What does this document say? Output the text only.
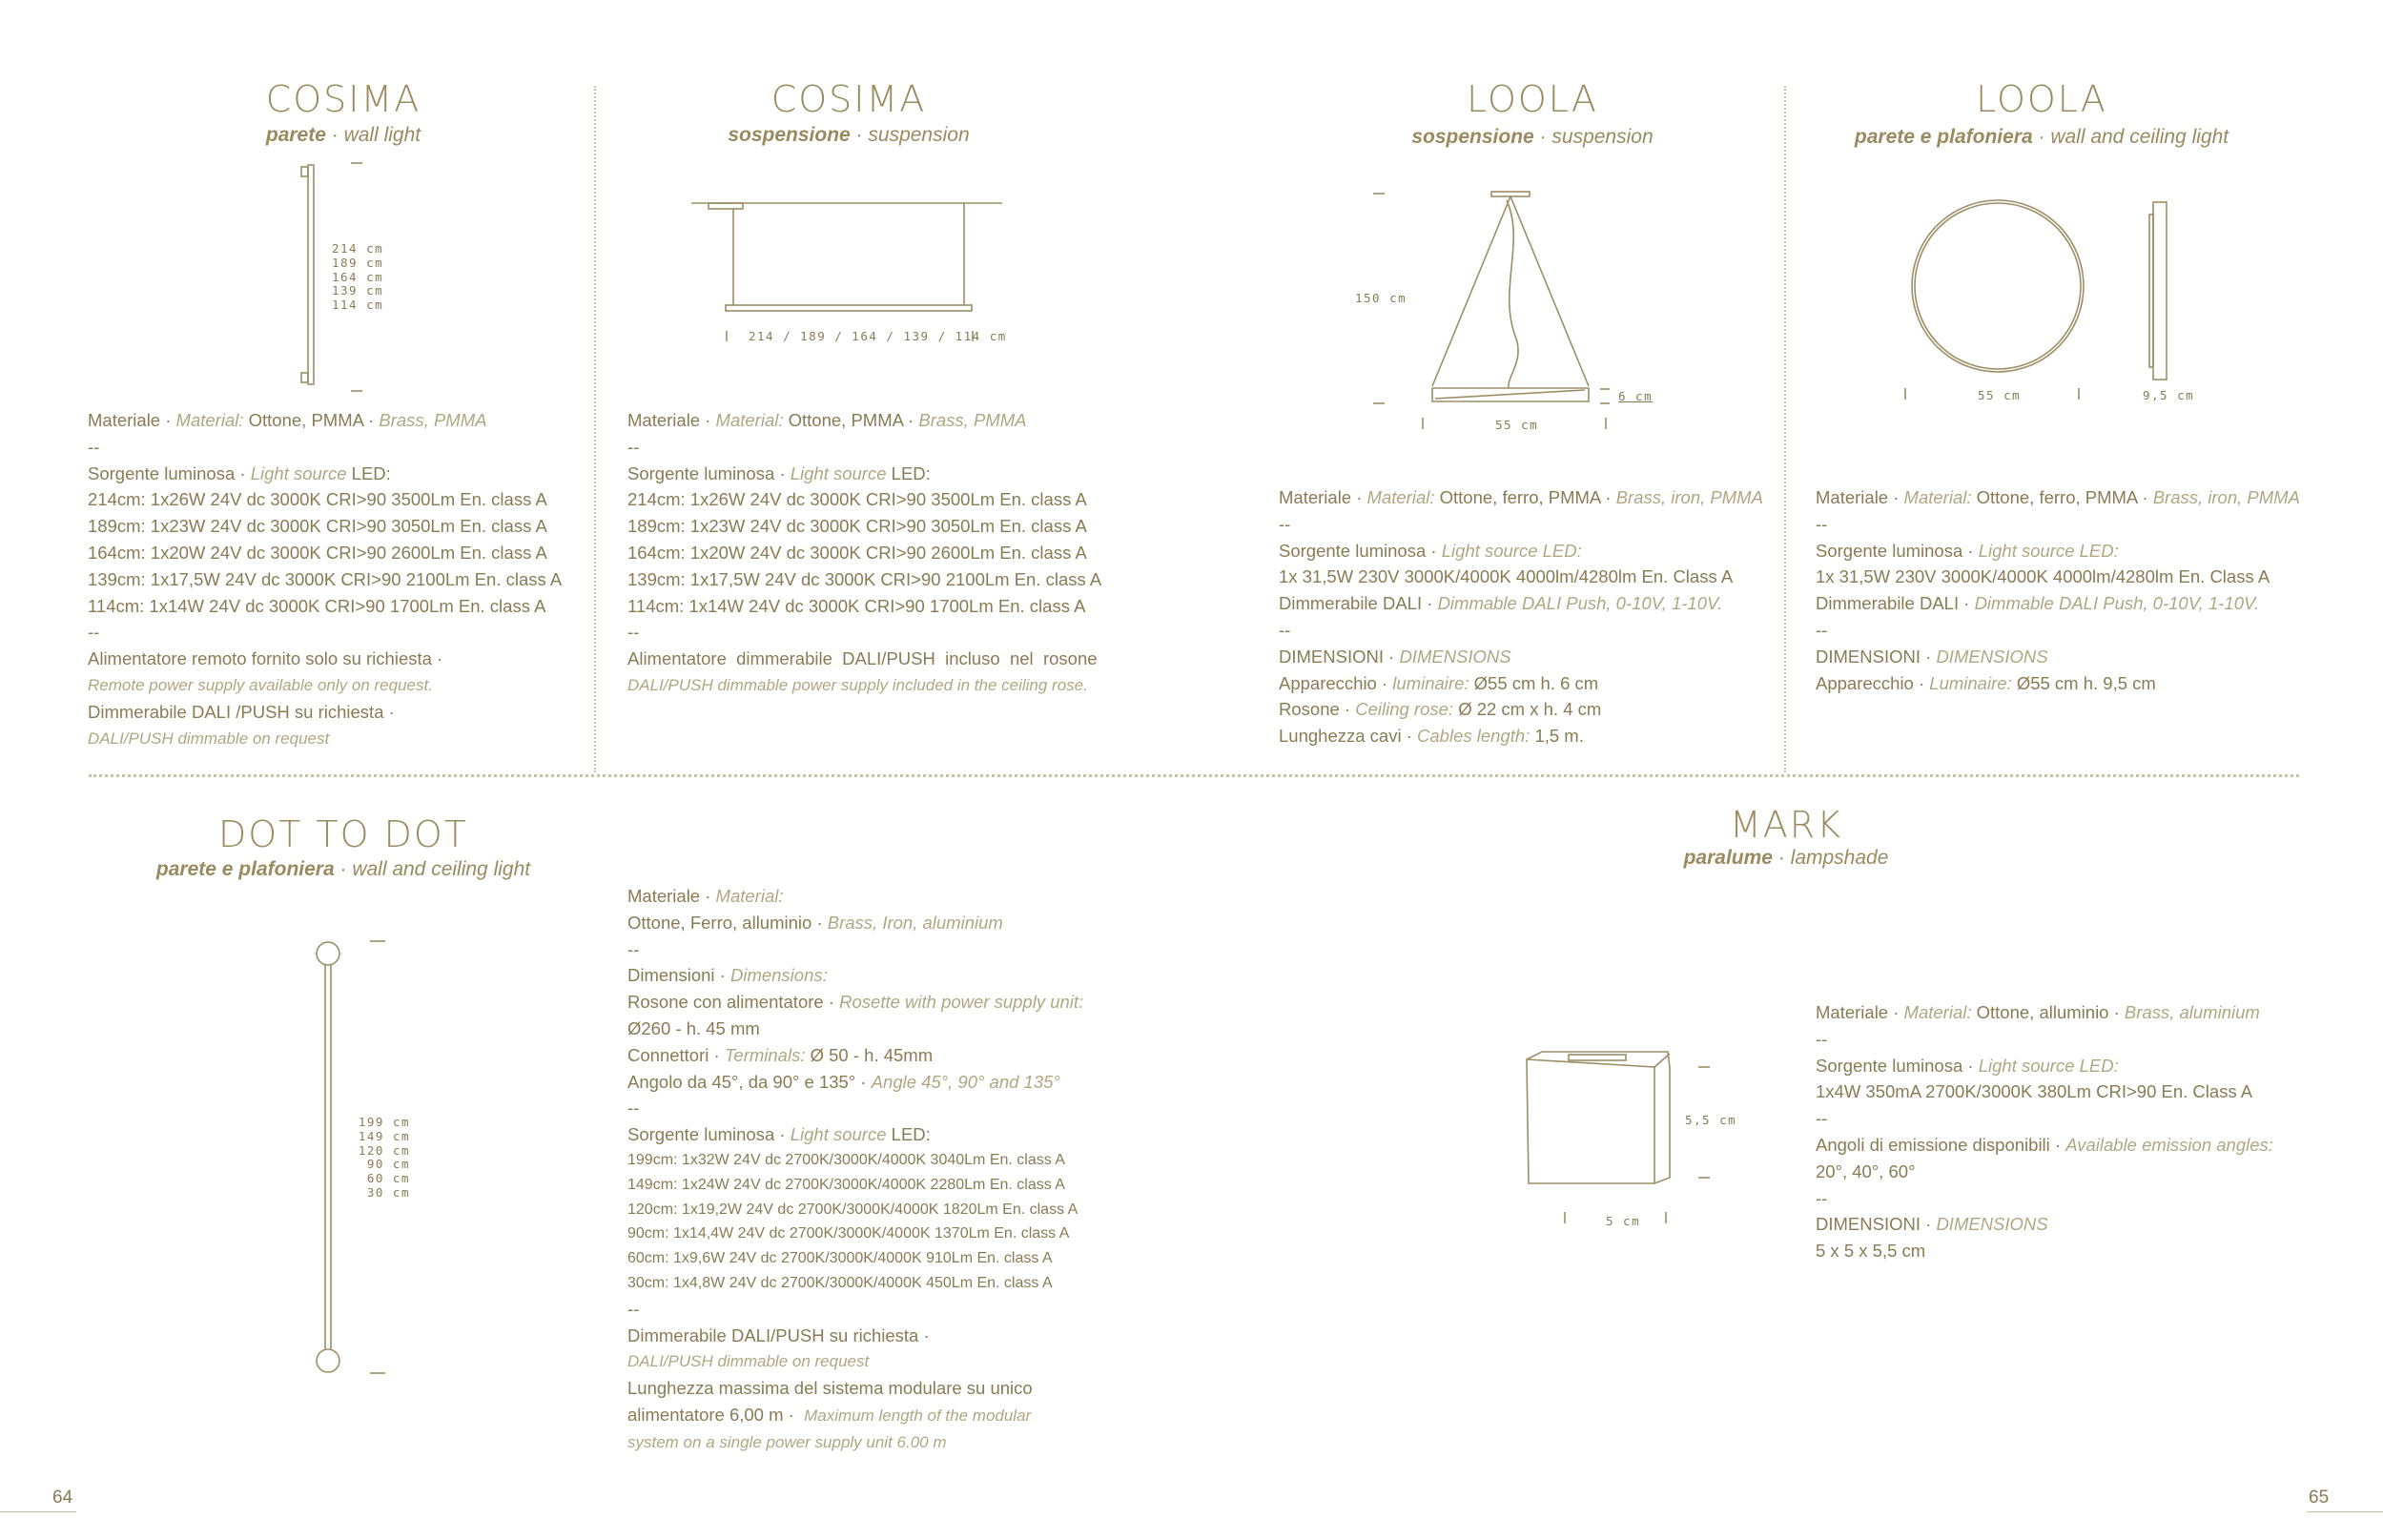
COSIMA
parete · wall light
214 cm
189 cm
164 cm
139 cm
114 cm
Materiale · Material: Ottone, PMMA · Brass, PMMA
--
Sorgente luminosa · Light source LED:
214cm: 1x26W 24V dc 3000K CRI>90 3500Lm En. class A
189cm: 1x23W 24V dc 3000K CRI>90 3050Lm En. class A
164cm: 1x20W 24V dc 3000K CRI>90 2600Lm En. class A
139cm: 1x17,5W 24V dc 3000K CRI>90 2100Lm En. class A
114cm: 1x14W 24V dc 3000K CRI>90 1700Lm En. class A
--
Alimentatore remoto fornito solo su richiesta ·
Remote power supply available only on request.
Dimmerabile DALI /PUSH su richiesta ·
DALI/PUSH dimmable on request
COSIMA
sospensione · suspension
214 / 189 / 164 / 139 / 114 cm
Materiale · Material: Ottone, PMMA · Brass, PMMA
--
Sorgente luminosa · Light source LED:
214cm: 1x26W 24V dc 3000K CRI>90 3500Lm En. class A
189cm: 1x23W 24V dc 3000K CRI>90 3050Lm En. class A
164cm: 1x20W 24V dc 3000K CRI>90 2600Lm En. class A
139cm: 1x17,5W 24V dc 3000K CRI>90 2100Lm En. class A
114cm: 1x14W 24V dc 3000K CRI>90 1700Lm En. class A
--
Alimentatore  dimmerabile  DALI/PUSH  incluso  nel  rosone
DALI/PUSH dimmable power supply included in the ceiling rose.
LOOLA
sospensione · suspension
150 cm
55 cm
6 cm
Materiale · Material: Ottone, ferro, PMMA · Brass, iron, PMMA
--
Sorgente luminosa · Light source LED:
1x 31,5W 230V 3000K/4000K 4000lm/4280lm En. Class A
Dimmerabile DALI · Dimmable DALI Push, 0-10V, 1-10V.
--
DIMENSIONI · DIMENSIONS
Apparecchio · luminaire: Ø55 cm h. 6 cm
Rosone · Ceiling rose: Ø 22 cm x h. 4 cm
Lunghezza cavi · Cables length: 1,5 m.
LOOLA
parete e plafoniera · wall and ceiling light
55 cm	9,5 cm
Materiale · Material: Ottone, ferro, PMMA · Brass, iron, PMMA
--
Sorgente luminosa · Light source LED:
1x 31,5W 230V 3000K/4000K 4000lm/4280lm En. Class A
Dimmerabile DALI · Dimmable DALI Push, 0-10V, 1-10V.
--
DIMENSIONI · DIMENSIONS
Apparecchio · Luminaire: Ø55 cm h. 9,5 cm
DOT TO DOT
parete e plafoniera · wall and ceiling light
199 cm
149 cm
120 cm
90 cm
60 cm
30 cm
Materiale · Material:
Ottone, Ferro, alluminio · Brass, Iron, aluminium
--
Dimensioni · Dimensions:
Rosone con alimentatore · Rosette with power supply unit:
Ø260 - h. 45 mm
Connettori · Terminals: Ø 50 - h. 45mm
Angolo da 45°, da 90° e 135° · Angle 45°, 90° and 135°
--
Sorgente luminosa · Light source LED:
199cm: 1x32W 24V dc 2700K/3000K/4000K 3040Lm En. class A
149cm: 1x24W 24V dc 2700K/3000K/4000K 2280Lm En. class A
120cm: 1x19,2W 24V dc 2700K/3000K/4000K 1820Lm En. class A
90cm: 1x14,4W 24V dc 2700K/3000K/4000K 1370Lm En. class A
60cm: 1x9,6W 24V dc 2700K/3000K/4000K 910Lm En. class A
30cm: 1x4,8W 24V dc 2700K/3000K/4000K 450Lm En. class A
--
Dimmerabile DALI/PUSH su richiesta ·
DALI/PUSH dimmable on request
Lunghezza massima del sistema modulare su unico
alimentatore 6,00 m · Maximum length of the modular
system on a single power supply unit 6.00 m
MARK
paralume · lampshade
5,5 cm
5 cm
Materiale · Material: Ottone, alluminio · Brass, aluminium
--
Sorgente luminosa · Light source LED:
1x4W 350mA 2700K/3000K 380Lm CRI>90 En. Class A
--
Angoli di emissione disponibili · Available emission angles:
20°, 40°, 60°
--
DIMENSIONI · DIMENSIONS
5 x 5 x 5,5 cm
64	65
